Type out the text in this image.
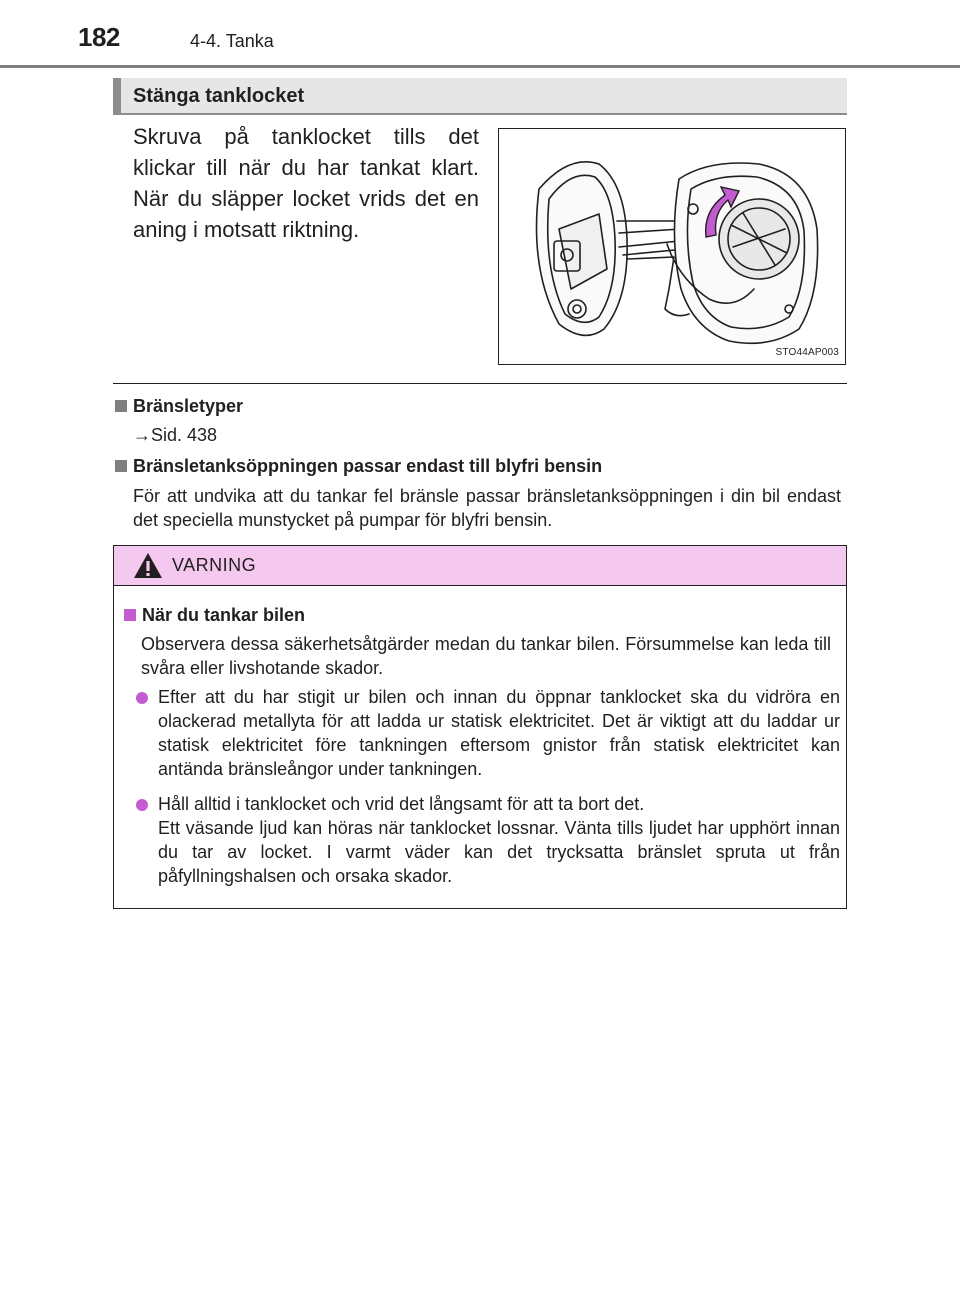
182	4-4. Tanka
Stänga tanklocket
Skruva på tanklocket tills det klickar till när du har tankat klart. När du släpper locket vrids det en aning i motsatt riktning.
STO44AP003
Bränsletyper
→Sid. 438
Bränsletanksöppningen passar endast till blyfri bensin
För att undvika att du tankar fel bränsle passar bränsletanksöppningen i din bil endast det speciella munstycket på pumpar för blyfri bensin.
VARNING
När du tankar bilen
Observera dessa säkerhetsåtgärder medan du tankar bilen. Försummelse kan leda till svåra eller livshotande skador.
Efter att du har stigit ur bilen och innan du öppnar tanklocket ska du vidröra en olackerad metallyta för att ladda ur statisk elektricitet. Det är viktigt att du laddar ur statisk elektricitet före tankningen eftersom gnistor från statisk elektricitet kan antända bränsleångor under tankningen.
Håll alltid i tanklocket och vrid det långsamt för att ta bort det.
Ett väsande ljud kan höras när tanklocket lossnar. Vänta tills ljudet har upphört innan du tar av locket. I varmt väder kan det trycksatta bränslet spruta ut från påfyllningshalsen och orsaka skador.
